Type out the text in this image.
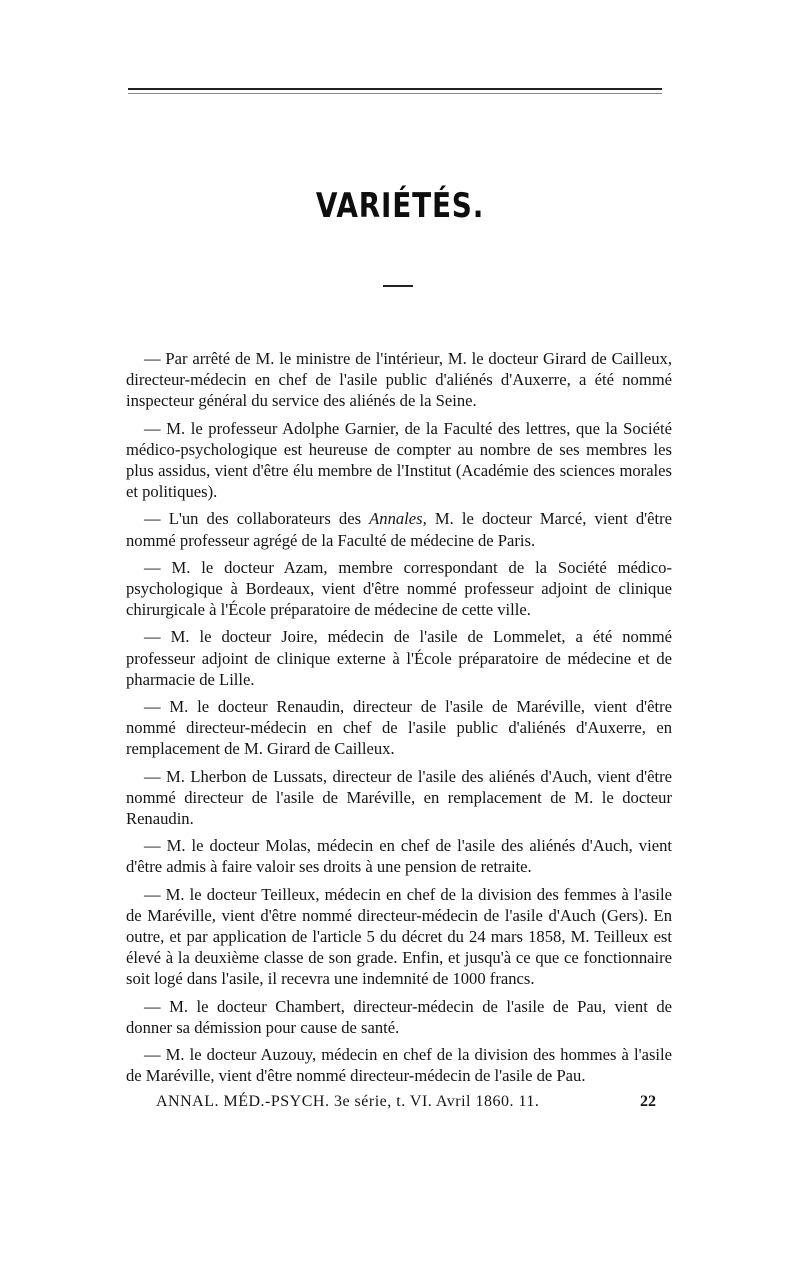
VARIÉTÉS.

— Par arrêté de M. le ministre de l'intérieur, M. le docteur Girard de Cailleux, directeur-médecin en chef de l'asile public d'aliénés d'Auxerre, a été nommé inspecteur général du service des aliénés de la Seine.

— M. le professeur Adolphe Garnier, de la Faculté des lettres, que la Société médico-psychologique est heureuse de compter au nombre de ses membres les plus assidus, vient d'être élu membre de l'Institut (Académie des sciences morales et politiques).

— L'un des collaborateurs des Annales, M. le docteur Marcé, vient d'être nommé professeur agrégé de la Faculté de médecine de Paris.

— M. le docteur Azam, membre correspondant de la Société médico-psychologique à Bordeaux, vient d'être nommé professeur adjoint de clinique chirurgicale à l'École préparatoire de médecine de cette ville.

— M. le docteur Joire, médecin de l'asile de Lommelet, a été nommé professeur adjoint de clinique externe à l'École préparatoire de médecine et de pharmacie de Lille.

— M. le docteur Renaudin, directeur de l'asile de Maréville, vient d'être nommé directeur-médecin en chef de l'asile public d'aliénés d'Auxerre, en remplacement de M. Girard de Cailleux.

— M. Lherbon de Lussats, directeur de l'asile des aliénés d'Auch, vient d'être nommé directeur de l'asile de Maréville, en remplacement de M. le docteur Renaudin.

— M. le docteur Molas, médecin en chef de l'asile des aliénés d'Auch, vient d'être admis à faire valoir ses droits à une pension de retraite.

— M. le docteur Teilleux, médecin en chef de la division des femmes à l'asile de Maréville, vient d'être nommé directeur-médecin de l'asile d'Auch (Gers). En outre, et par application de l'article 5 du décret du 24 mars 1858, M. Teilleux est élevé à la deuxième classe de son grade. Enfin, et jusqu'à ce que ce fonctionnaire soit logé dans l'asile, il recevra une indemnité de 1000 francs.

— M. le docteur Chambert, directeur-médecin de l'asile de Pau, vient de donner sa démission pour cause de santé.

— M. le docteur Auzouy, médecin en chef de la division des hommes à l'asile de Maréville, vient d'être nommé directeur-médecin de l'asile de Pau.

ANNAL. MÉD.-PSYCH. 3e série, t. VI. Avril 1860. 11.	22
